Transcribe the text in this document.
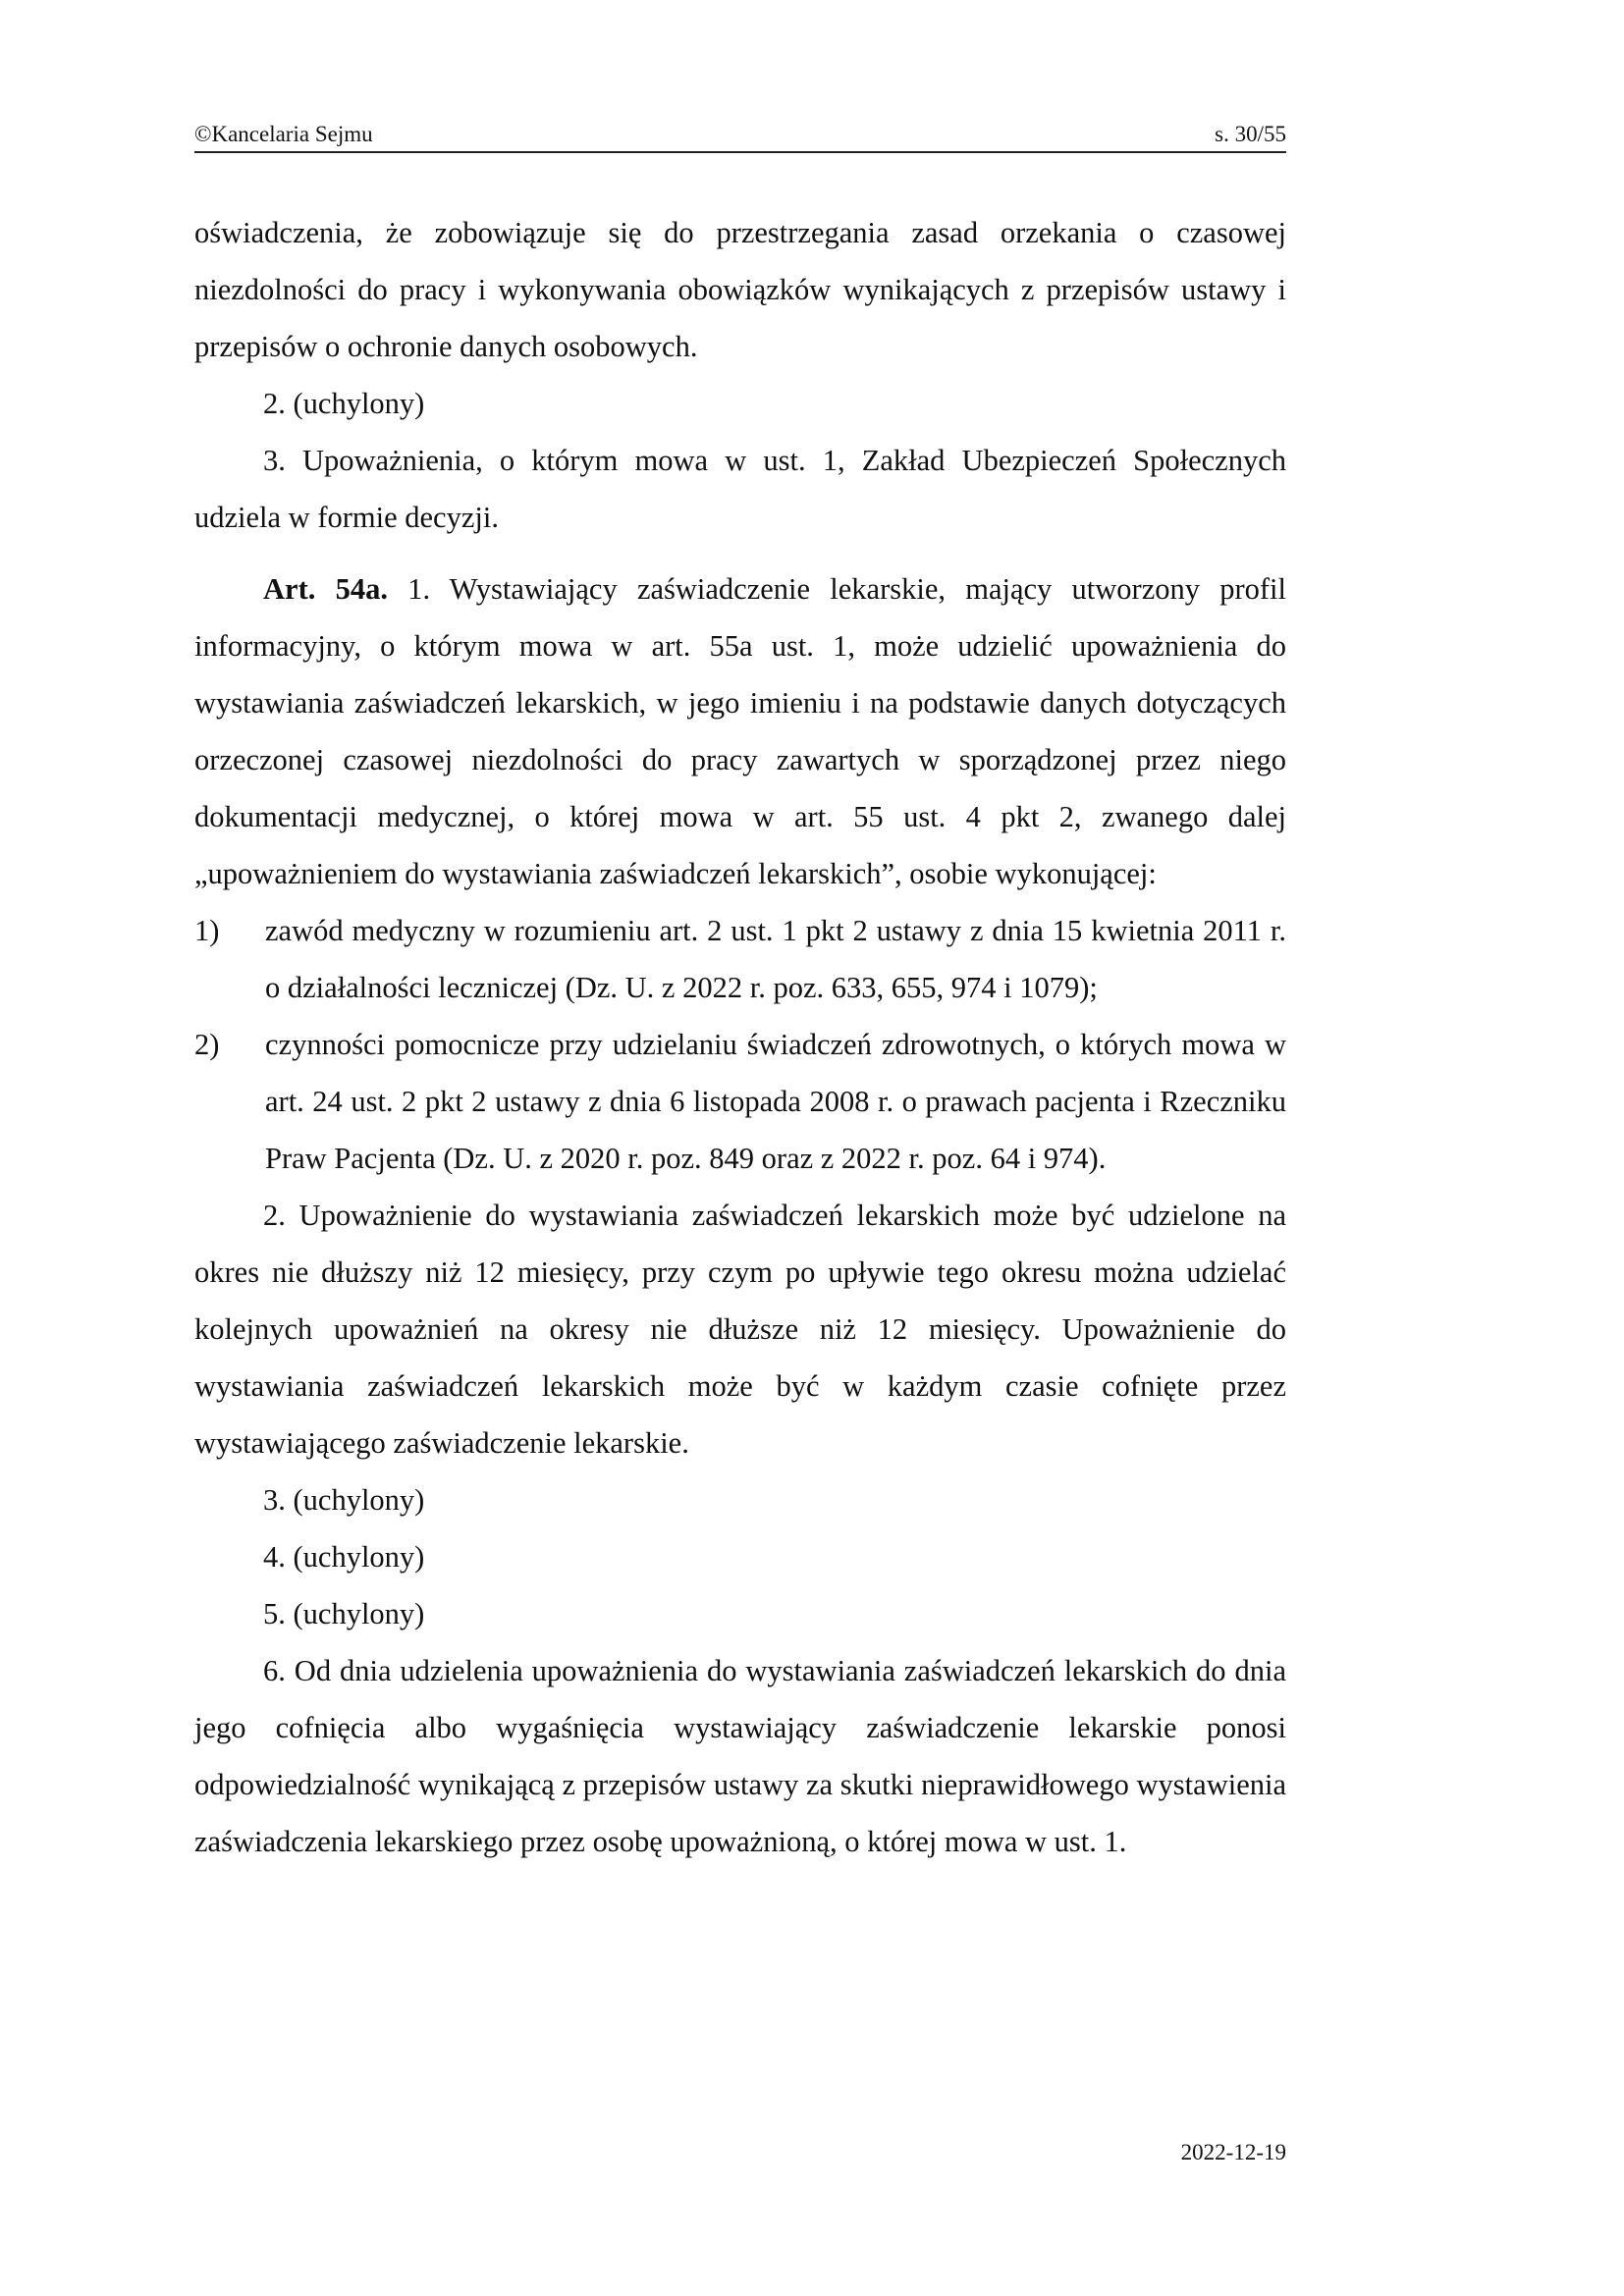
©Kancelaria Sejmu	s. 30/55

oświadczenia, że zobowiązuje się do przestrzegania zasad orzekania o czasowej niezdolności do pracy i wykonywania obowiązków wynikających z przepisów ustawy i przepisów o ochronie danych osobowych.

2. (uchylony)

3. Upoważnienia, o którym mowa w ust. 1, Zakład Ubezpieczeń Społecznych udziela w formie decyzji.

Art. 54a. 1. Wystawiający zaświadczenie lekarskie, mający utworzony profil informacyjny, o którym mowa w art. 55a ust. 1, może udzielić upoważnienia do wystawiania zaświadczeń lekarskich, w jego imieniu i na podstawie danych dotyczących orzeczonej czasowej niezdolności do pracy zawartych w sporządzonej przez niego dokumentacji medycznej, o której mowa w art. 55 ust. 4 pkt 2, zwanego dalej „upoważnieniem do wystawiania zaświadczeń lekarskich”, osobie wykonującej:

1) zawód medyczny w rozumieniu art. 2 ust. 1 pkt 2 ustawy z dnia 15 kwietnia 2011 r. o działalności leczniczej (Dz. U. z 2022 r. poz. 633, 655, 974 i 1079);
2) czynności pomocnicze przy udzielaniu świadczeń zdrowotnych, o których mowa w art. 24 ust. 2 pkt 2 ustawy z dnia 6 listopada 2008 r. o prawach pacjenta i Rzeczniku Praw Pacjenta (Dz. U. z 2020 r. poz. 849 oraz z 2022 r. poz. 64 i 974).

2. Upoważnienie do wystawiania zaświadczeń lekarskich może być udzielone na okres nie dłuższy niż 12 miesięcy, przy czym po upływie tego okresu można udzielać kolejnych upoważnień na okresy nie dłuższe niż 12 miesięcy. Upoważnienie do wystawiania zaświadczeń lekarskich może być w każdym czasie cofnięte przez wystawiającego zaświadczenie lekarskie.

3. (uchylony)

4. (uchylony)

5. (uchylony)

6. Od dnia udzielenia upoważnienia do wystawiania zaświadczeń lekarskich do dnia jego cofnięcia albo wygaśnięcia wystawiający zaświadczenie lekarskie ponosi odpowiedzialność wynikającą z przepisów ustawy za skutki nieprawidłowego wystawienia zaświadczenia lekarskiego przez osobę upoważnioną, o której mowa w ust. 1.

2022-12-19
